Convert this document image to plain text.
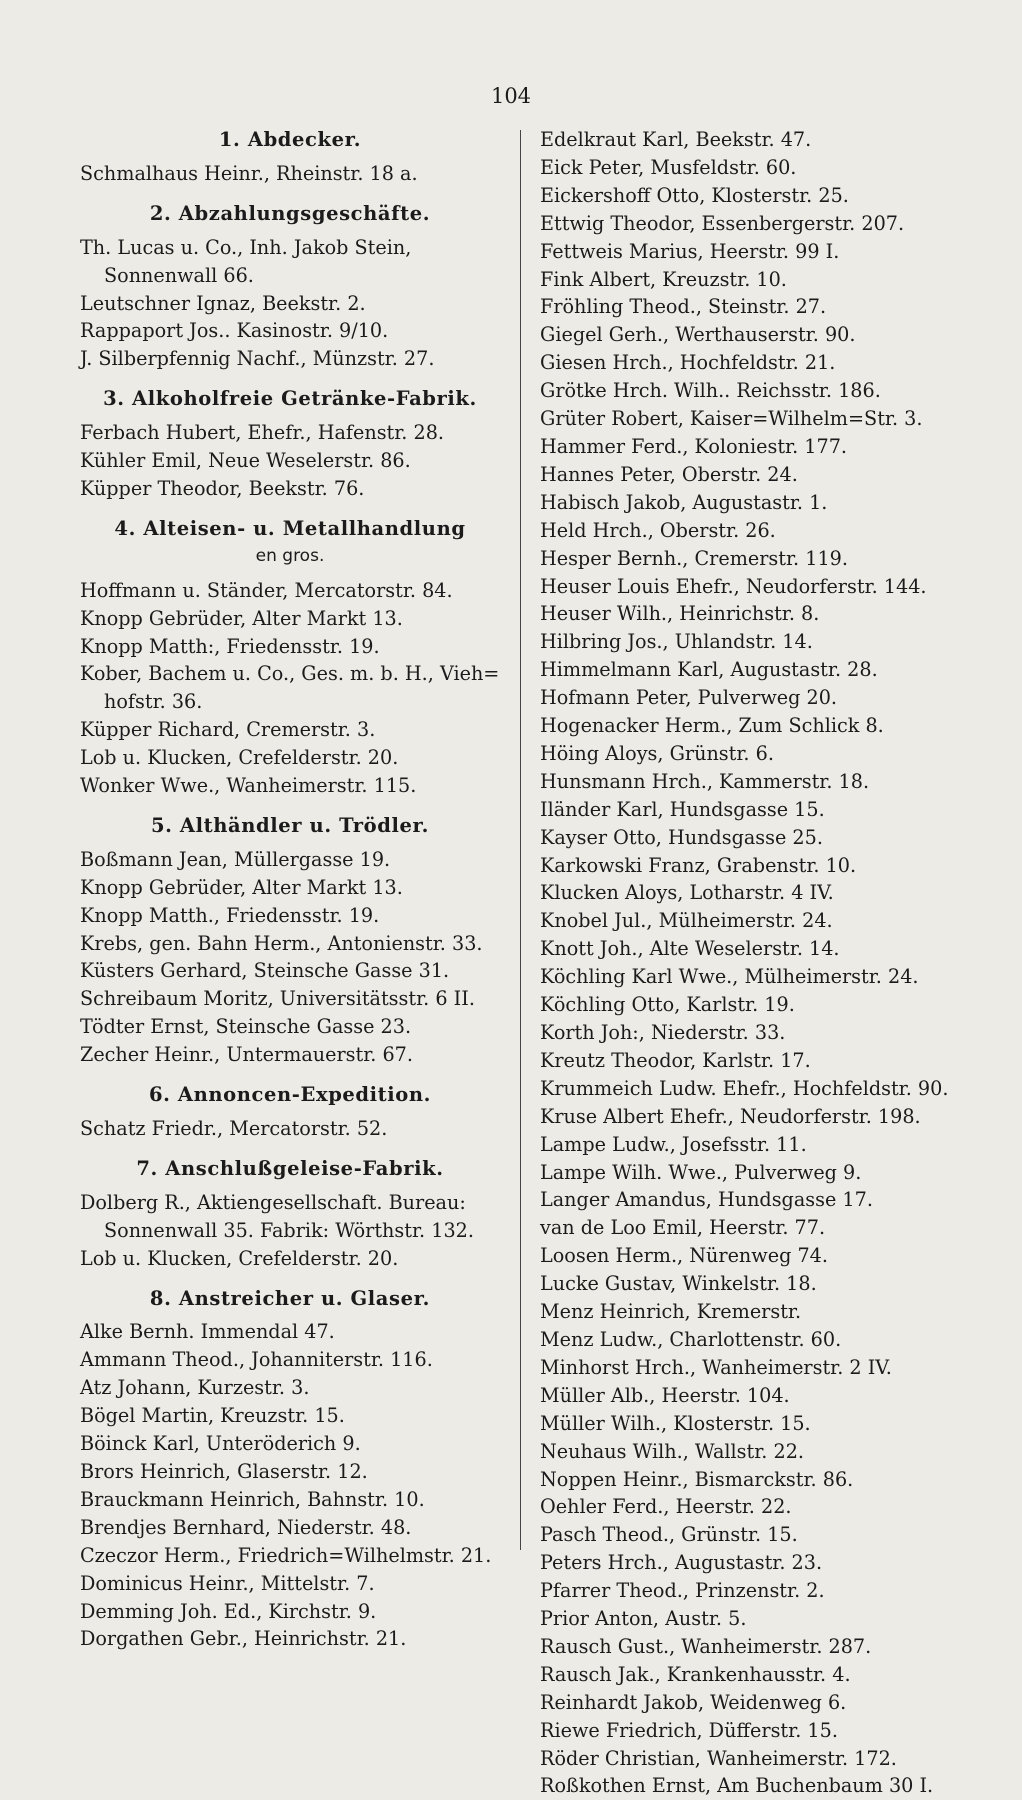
104
1. Abdecker.
Schmalhaus Heinr., Rheinstr. 18 a.
2. Abzahlungsgeschäfte.
Th. Lucas u. Co., Inh. Jakob Stein,
Sonnenwall 66.
Leutschner Ignaz, Beekstr. 2.
Rappaport Jos.. Kasinostr. 9/10.
J. Silberpfennig Nachf., Münzstr. 27.
3. Alkoholfreie Getränke-Fabrik.
Ferbach Hubert, Ehefr., Hafenstr. 28.
Kühler Emil, Neue Weselerstr. 86.
Küpper Theodor, Beekstr. 76.
4. Alteisen- u. Metallhandlung
en gros.
Hoffmann u. Ständer, Mercatorstr. 84.
Knopp Gebrüder, Alter Markt 13.
Knopp Matth:, Friedensstr. 19.
Kober, Bachem u. Co., Ges. m. b. H., Vieh=
hofstr. 36.
Küpper Richard, Cremerstr. 3.
Lob u. Klucken, Crefelderstr. 20.
Wonker Wwe., Wanheimerstr. 115.
5. Althändler u. Trödler.
Boßmann Jean, Müllergasse 19.
Knopp Gebrüder, Alter Markt 13.
Knopp Matth., Friedensstr. 19.
Krebs, gen. Bahn Herm., Antonienstr. 33.
Küsters Gerhard, Steinsche Gasse 31.
Schreibaum Moritz, Universitätsstr. 6 II.
Tödter Ernst, Steinsche Gasse 23.
Zecher Heinr., Untermauerstr. 67.
6. Annoncen-Expedition.
Schatz Friedr., Mercatorstr. 52.
7. Anschlußgeleise-Fabrik.
Dolberg R., Aktiengesellschaft. Bureau:
Sonnenwall 35. Fabrik: Wörthstr. 132.
Lob u. Klucken, Crefelderstr. 20.
8. Anstreicher u. Glaser.
Alke Bernh. Immendal 47.
Ammann Theod., Johanniterstr. 116.
Atz Johann, Kurzestr. 3.
Bögel Martin, Kreuzstr. 15.
Böinck Karl, Unteröderich 9.
Brors Heinrich, Glaserstr. 12.
Brauckmann Heinrich, Bahnstr. 10.
Brendjes Bernhard, Niederstr. 48.
Czeczor Herm., Friedrich=Wilhelmstr. 21.
Dominicus Heinr., Mittelstr. 7.
Demming Joh. Ed., Kirchstr. 9.
Dorgathen Gebr., Heinrichstr. 21.
Edelkraut Karl, Beekstr. 47.
Eick Peter, Musfeldstr. 60.
Eickershoff Otto, Klosterstr. 25.
Ettwig Theodor, Essenbergerstr. 207.
Fettweis Marius, Heerstr. 99 I.
Fink Albert, Kreuzstr. 10.
Fröhling Theod., Steinstr. 27.
Giegel Gerh., Werthauserstr. 90.
Giesen Hrch., Hochfeldstr. 21.
Grötke Hrch. Wilh.. Reichsstr. 186.
Grüter Robert, Kaiser=Wilhelm=Str. 3.
Hammer Ferd., Koloniestr. 177.
Hannes Peter, Oberstr. 24.
Habisch Jakob, Augustastr. 1.
Held Hrch., Oberstr. 26.
Hesper Bernh., Cremerstr. 119.
Heuser Louis Ehefr., Neudorferstr. 144.
Heuser Wilh., Heinrichstr. 8.
Hilbring Jos., Uhlandstr. 14.
Himmelmann Karl, Augustastr. 28.
Hofmann Peter, Pulverweg 20.
Hogenacker Herm., Zum Schlick 8.
Höing Aloys, Grünstr. 6.
Hunsmann Hrch., Kammerstr. 18.
Iländer Karl, Hundsgasse 15.
Kayser Otto, Hundsgasse 25.
Karkowski Franz, Grabenstr. 10.
Klucken Aloys, Lotharstr. 4 IV.
Knobel Jul., Mülheimerstr. 24.
Knott Joh., Alte Weselerstr. 14.
Köchling Karl Wwe., Mülheimerstr. 24.
Köchling Otto, Karlstr. 19.
Korth Joh:, Niederstr. 33.
Kreutz Theodor, Karlstr. 17.
Krummeich Ludw. Ehefr., Hochfeldstr. 90.
Kruse Albert Ehefr., Neudorferstr. 198.
Lampe Ludw., Josefsstr. 11.
Lampe Wilh. Wwe., Pulverweg 9.
Langer Amandus, Hundsgasse 17.
van de Loo Emil, Heerstr. 77.
Loosen Herm., Nürenweg 74.
Lucke Gustav, Winkelstr. 18.
Menz Heinrich, Kremerstr.
Menz Ludw., Charlottenstr. 60.
Minhorst Hrch., Wanheimerstr. 2 IV.
Müller Alb., Heerstr. 104.
Müller Wilh., Klosterstr. 15.
Neuhaus Wilh., Wallstr. 22.
Noppen Heinr., Bismarckstr. 86.
Oehler Ferd., Heerstr. 22.
Pasch Theod., Grünstr. 15.
Peters Hrch., Augustastr. 23.
Pfarrer Theod., Prinzenstr. 2.
Prior Anton, Austr. 5.
Rausch Gust., Wanheimerstr. 287.
Rausch Jak., Krankenhausstr. 4.
Reinhardt Jakob, Weidenweg 6.
Riewe Friedrich, Düfferstr. 15.
Röder Christian, Wanheimerstr. 172.
Roßkothen Ernst, Am Buchenbaum 30 I.
